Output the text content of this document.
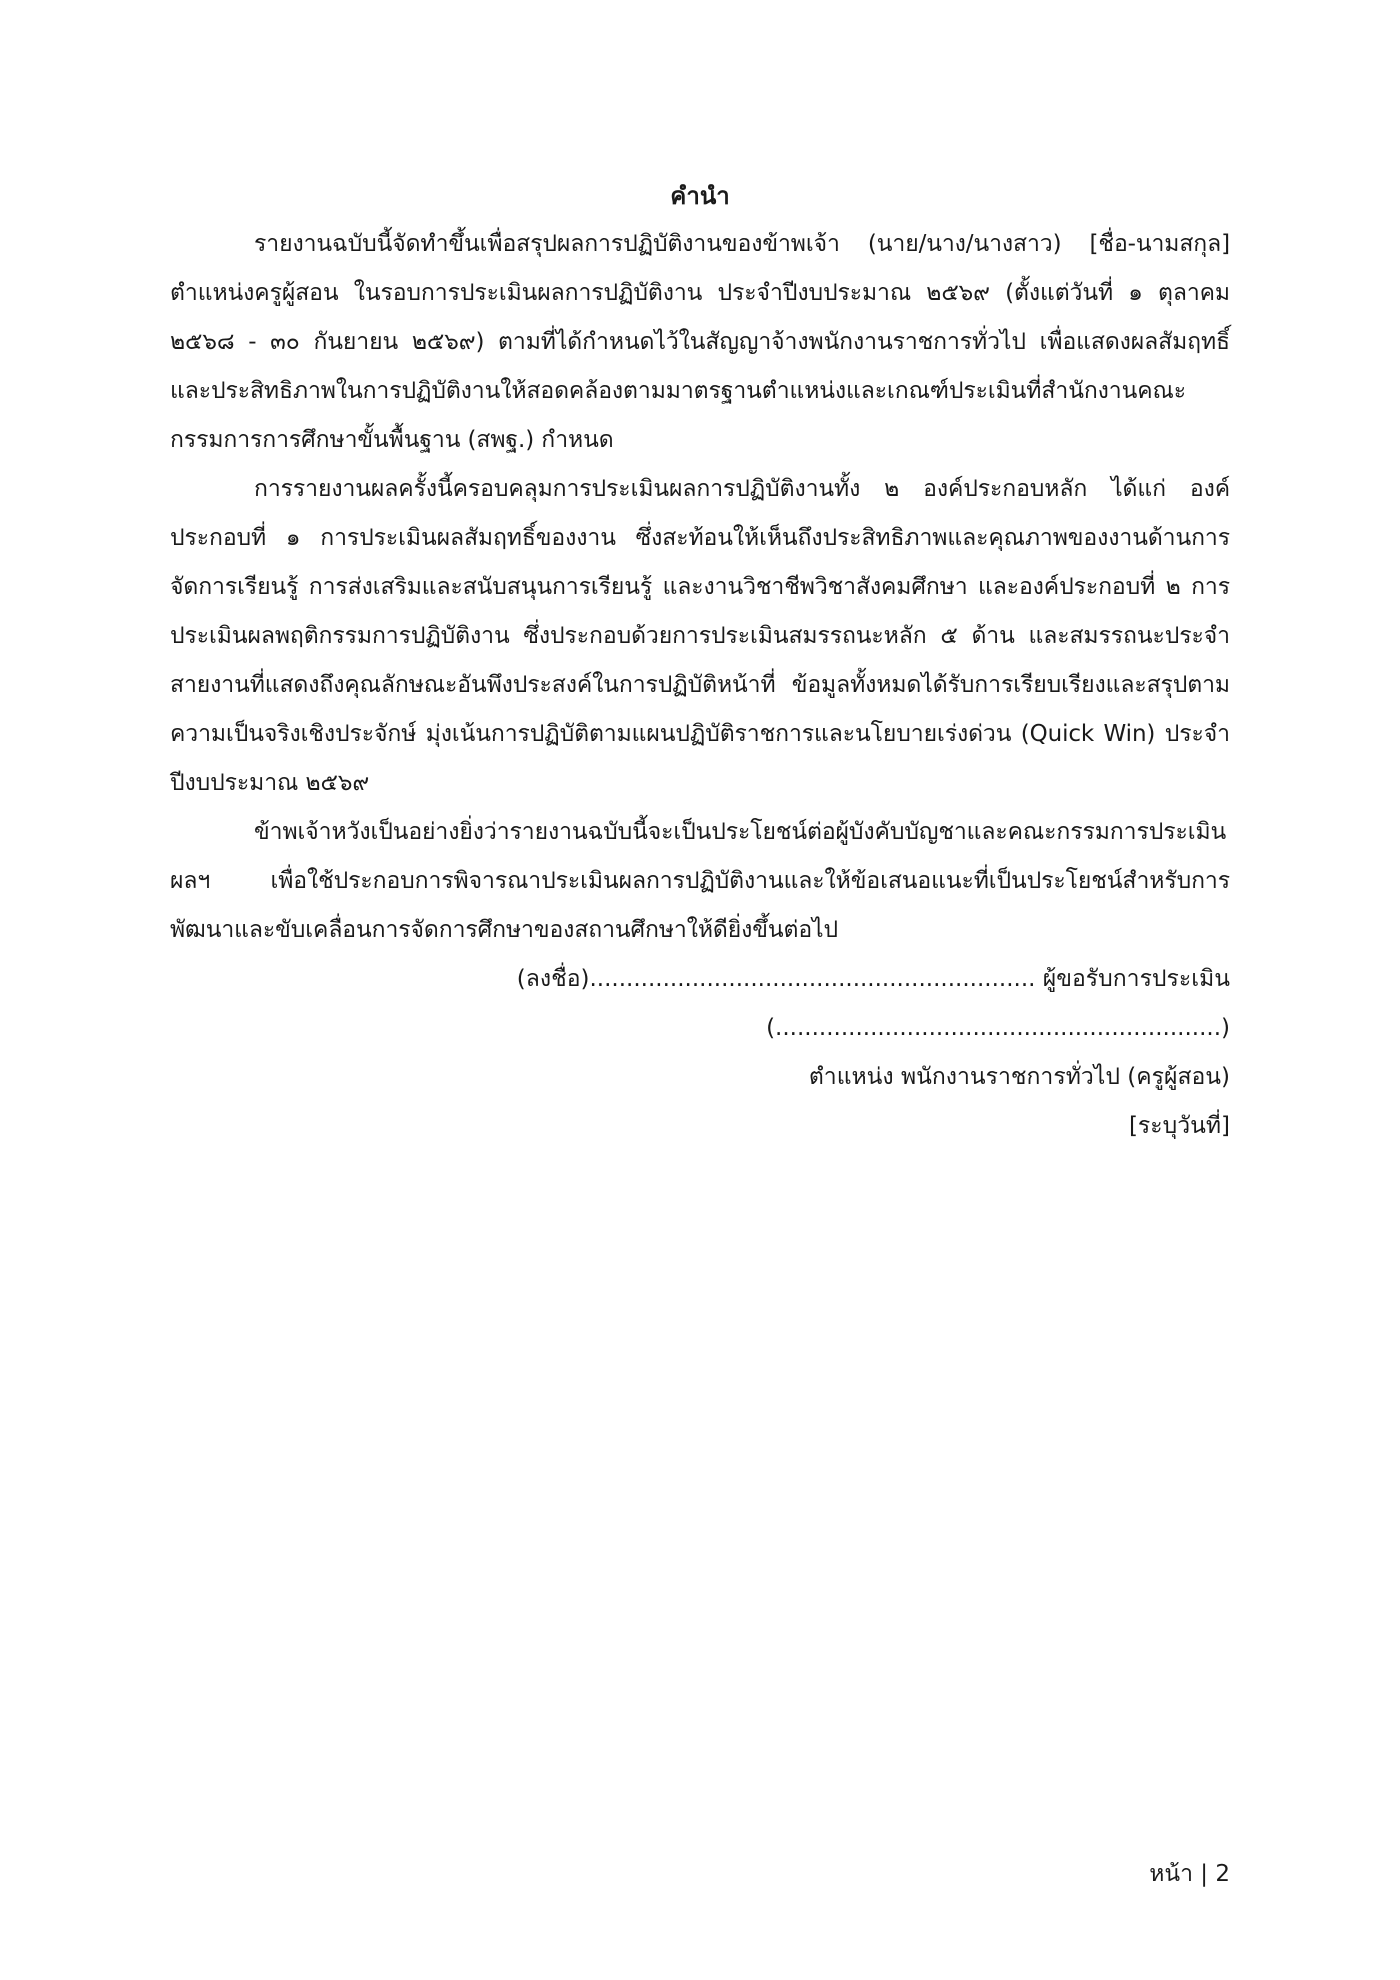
คำนำ

รายงานฉบับนี้จัดทำขึ้นเพื่อสรุปผลการปฏิบัติงานของข้าพเจ้า (นาย/นาง/นางสาว) [ชื่อ-นามสกุล] ตำแหน่งครูผู้สอน ในรอบการประเมินผลการปฏิบัติงาน ประจำปีงบประมาณ ๒๕๖๙ (ตั้งแต่วันที่ ๑ ตุลาคม ๒๕๖๘ - ๓๐ กันยายน ๒๕๖๙) ตามที่ได้กำหนดไว้ในสัญญาจ้างพนักงานราชการทั่วไป เพื่อแสดงผลสัมฤทธิ์และประสิทธิภาพในการปฏิบัติงานให้สอดคล้องตามมาตรฐานตำแหน่งและเกณฑ์ประเมินที่สำนักงานคณะกรรมการการศึกษาขั้นพื้นฐาน (สพฐ.) กำหนด

การรายงานผลครั้งนี้ครอบคลุมการประเมินผลการปฏิบัติงานทั้ง ๒ องค์ประกอบหลัก ได้แก่ องค์ประกอบที่ ๑ การประเมินผลสัมฤทธิ์ของงาน ซึ่งสะท้อนให้เห็นถึงประสิทธิภาพและคุณภาพของงานด้านการจัดการเรียนรู้ การส่งเสริมและสนับสนุนการเรียนรู้ และงานวิชาชีพวิชาสังคมศึกษา และองค์ประกอบที่ ๒ การประเมินผลพฤติกรรมการปฏิบัติงาน ซึ่งประกอบด้วยการประเมินสมรรถนะหลัก ๕ ด้าน และสมรรถนะประจำสายงานที่แสดงถึงคุณลักษณะอันพึงประสงค์ในการปฏิบัติหน้าที่ ข้อมูลทั้งหมดได้รับการเรียบเรียงและสรุปตามความเป็นจริงเชิงประจักษ์ มุ่งเน้นการปฏิบัติตามแผนปฏิบัติราชการและนโยบายเร่งด่วน (Quick Win) ประจำปีงบประมาณ ๒๕๖๙

ข้าพเจ้าหวังเป็นอย่างยิ่งว่ารายงานฉบับนี้จะเป็นประโยชน์ต่อผู้บังคับบัญชาและคณะกรรมการประเมินผลฯ เพื่อใช้ประกอบการพิจารณาประเมินผลการปฏิบัติงานและให้ข้อเสนอแนะที่เป็นประโยชน์สำหรับการพัฒนาและขับเคลื่อนการจัดการศึกษาของสถานศึกษาให้ดียิ่งขึ้นต่อไป

(ลงชื่อ)............................................................. ผู้ขอรับการประเมิน

(.............................................................)

ตำแหน่ง พนักงานราชการทั่วไป (ครูผู้สอน)

[ระบุวันที่]

หน้า | 2
